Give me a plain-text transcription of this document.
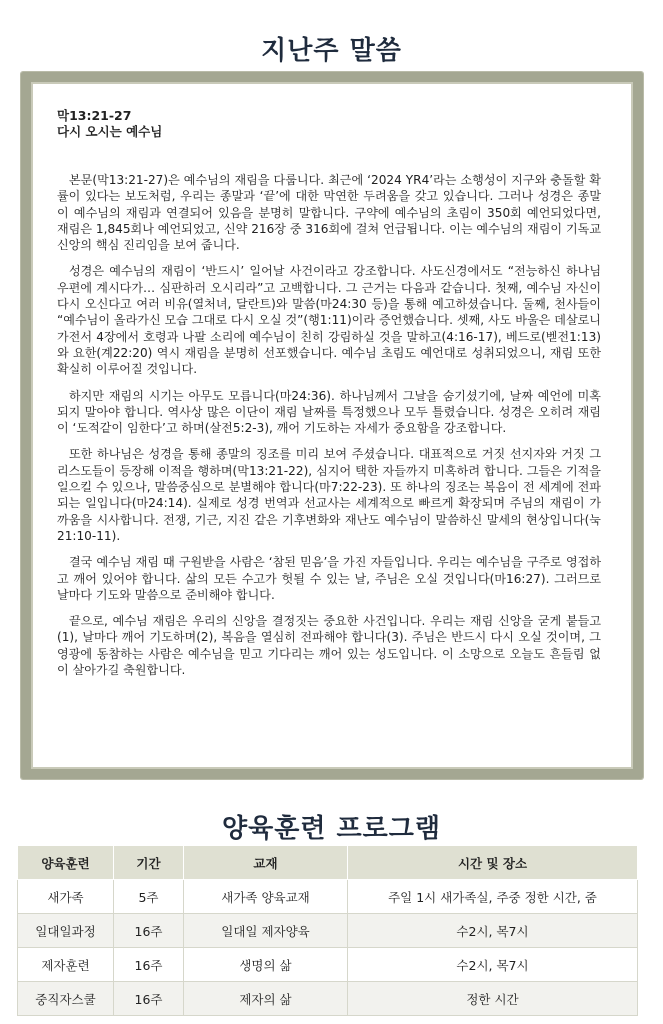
지난주 말씀
막13:21-27
다시 오시는 예수님

본문(막13:21-27)은 예수님의 재림을 다룹니다. 최근에 ‘2024 YR4’라는 소행성이 지구와 충돌할 확률이 있다는 보도처럼, 우리는 종말과 ‘끝’에 대한 막연한 두려움을 갖고 있습니다. 그러나 성경은 종말이 예수님의 재림과 연결되어 있음을 분명히 말합니다. 구약에 예수님의 초림이 350회 예언되었다면, 재림은 1,845회나 예언되었고, 신약 216장 중 316회에 걸쳐 언급됩니다. 이는 예수님의 재림이 기독교 신앙의 핵심 진리임을 보여 줍니다.

성경은 예수님의 재림이 ‘반드시’ 일어날 사건이라고 강조합니다. 사도신경에서도 “전능하신 하나님 우편에 계시다가… 심판하러 오시리라”고 고백합니다. 그 근거는 다음과 같습니다. 첫째, 예수님 자신이 다시 오신다고 여러 비유(열처녀, 달란트)와 말씀(마24:30 등)을 통해 예고하셨습니다. 둘째, 천사들이 “예수님이 올라가신 모습 그대로 다시 오실 것”(행1:11)이라 증언했습니다. 셋째, 사도 바울은 데살로니가전서 4장에서 호령과 나팔 소리에 예수님이 친히 강림하실 것을 말하고(4:16-17), 베드로(벧전1:13)와 요한(계22:20) 역시 재림을 분명히 선포했습니다. 예수님 초림도 예언대로 성취되었으니, 재림 또한 확실히 이루어질 것입니다.

하지만 재림의 시기는 아무도 모릅니다(마24:36). 하나님께서 그날을 숨기셨기에, 날짜 예언에 미혹되지 말아야 합니다. 역사상 많은 이단이 재림 날짜를 특정했으나 모두 틀렸습니다. 성경은 오히려 재림이 ‘도적같이 임한다’고 하며(살전5:2-3), 깨어 기도하는 자세가 중요함을 강조합니다.

또한 하나님은 성경을 통해 종말의 징조를 미리 보여 주셨습니다. 대표적으로 거짓 선지자와 거짓 그리스도들이 등장해 이적을 행하며(막13:21-22), 심지어 택한 자들까지 미혹하려 합니다. 그들은 기적을 일으킬 수 있으나, 말씀중심으로 분별해야 합니다(마7:22-23). 또 하나의 징조는 복음이 전 세계에 전파되는 일입니다(마24:14). 실제로 성경 번역과 선교사는 세계적으로 빠르게 확장되며 주님의 재림이 가까움을 시사합니다. 전쟁, 기근, 지진 같은 기후변화와 재난도 예수님이 말씀하신 말세의 현상입니다(눅21:10-11).

결국 예수님 재림 때 구원받을 사람은 ‘참된 믿음’을 가진 자들입니다. 우리는 예수님을 구주로 영접하고 깨어 있어야 합니다. 삶의 모든 수고가 헛될 수 있는 날, 주님은 오실 것입니다(마16:27). 그러므로 날마다 기도와 말씀으로 준비해야 합니다.

끝으로, 예수님 재림은 우리의 신앙을 결정짓는 중요한 사건입니다. 우리는 재림 신앙을 굳게 붙들고(1), 날마다 깨어 기도하며(2), 복음을 열심히 전파해야 합니다(3). 주님은 반드시 다시 오실 것이며, 그 영광에 동참하는 사람은 예수님을 믿고 기다리는 깨어 있는 성도입니다. 이 소망으로 오늘도 흔들림 없이 살아가길 축원합니다.

양육훈련 프로그램
양육훈련	기간	교재	시간 및 장소
새가족	5주	새가족 양육교재	주일 1시 새가족실, 주중 정한 시간, 줌
일대일과정	16주	일대일 제자양육	수2시, 목7시
제자훈련	16주	생명의 삶	수2시, 목7시
중직자스쿨	16주	제자의 삶	정한 시간
